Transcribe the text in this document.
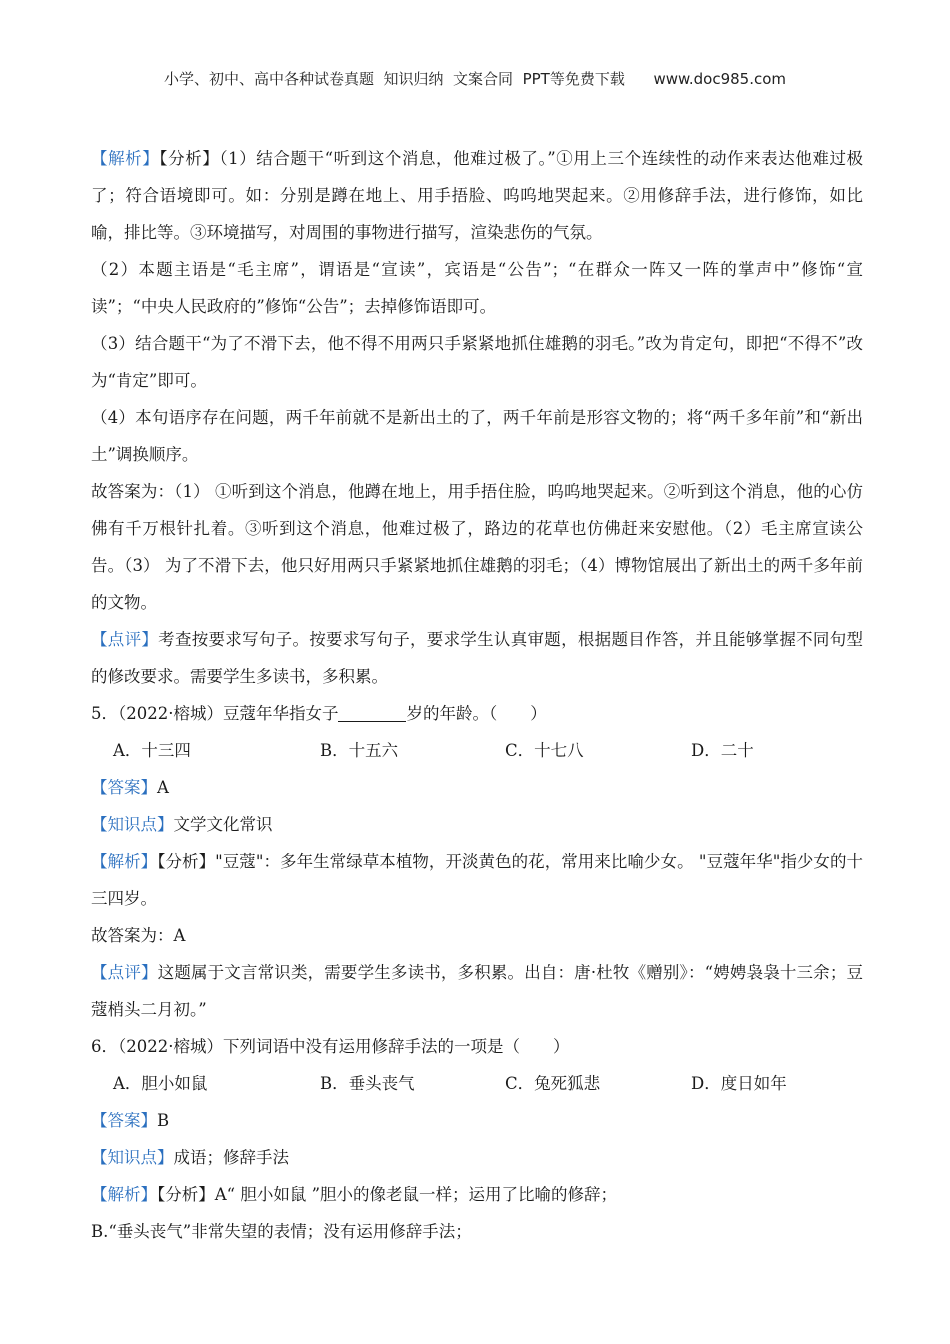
小学、初中、高中各种试卷真题  知识归纳  文案合同  PPT等免费下载      www.doc985.com

【解析】【分析】（1）结合题干“听到这个消息，他难过极了。”①用上三个连续性的动作来表达他难过极了；符合语境即可。如：分别是蹲在地上、用手捂脸、呜呜地哭起来。②用修辞手法，进行修饰，如比喻，排比等。③环境描写，对周围的事物进行描写，渲染悲伤的气氛。

（2）本题主语是“毛主席”，谓语是“宣读”，宾语是“公告”；“在群众一阵又一阵的掌声中”修饰“宣读”；“中央人民政府的”修饰“公告”；去掉修饰语即可。

（3）结合题干“为了不滑下去，他不得不用两只手紧紧地抓住雄鹅的羽毛。”改为肯定句，即把“不得不”改为“肯定”即可。

（4）本句语序存在问题，两千年前就不是新出土的了，两千年前是形容文物的；将“两千多年前”和“新出土”调换顺序。

故答案为：（1） ①听到这个消息，他蹲在地上，用手捂住脸，呜呜地哭起来。②听到这个消息，他的心仿佛有千万根针扎着。③听到这个消息，他难过极了，路边的花草也仿佛赶来安慰他。（2）毛主席宣读公告。（3） 为了不滑下去，他只好用两只手紧紧地抓住雄鹅的羽毛；（4）博物馆展出了新出土的两千多年前的文物。

【点评】考查按要求写句子。按要求写句子，要求学生认真审题，根据题目作答，并且能够掌握不同句型的修改要求。需要学生多读书，多积累。

5．（2022·榕城）豆蔻年华指女子	岁的年龄。（　　）

A．十三四	B．十五六	C．十七八	D．二十

【答案】A

【知识点】文学文化常识

【解析】【分析】"豆蔻"：多年生常绿草本植物，开淡黄色的花，常用来比喻少女。 "豆蔻年华"指少女的十三四岁。

故答案为：A

【点评】这题属于文言常识类，需要学生多读书，多积累。出自：唐·杜牧《赠别》：“娉娉袅袅十三余；豆蔻梢头二月初。”

6．（2022·榕城）下列词语中没有运用修辞手法的一项是（　　）

A．胆小如鼠	B．垂头丧气	C．兔死狐悲	D．度日如年

【答案】B

【知识点】成语；修辞手法

【解析】【分析】A“ 胆小如鼠 ”胆小的像老鼠一样；运用了比喻的修辞；

B.“垂头丧气”非常失望的表情；没有运用修辞手法；
